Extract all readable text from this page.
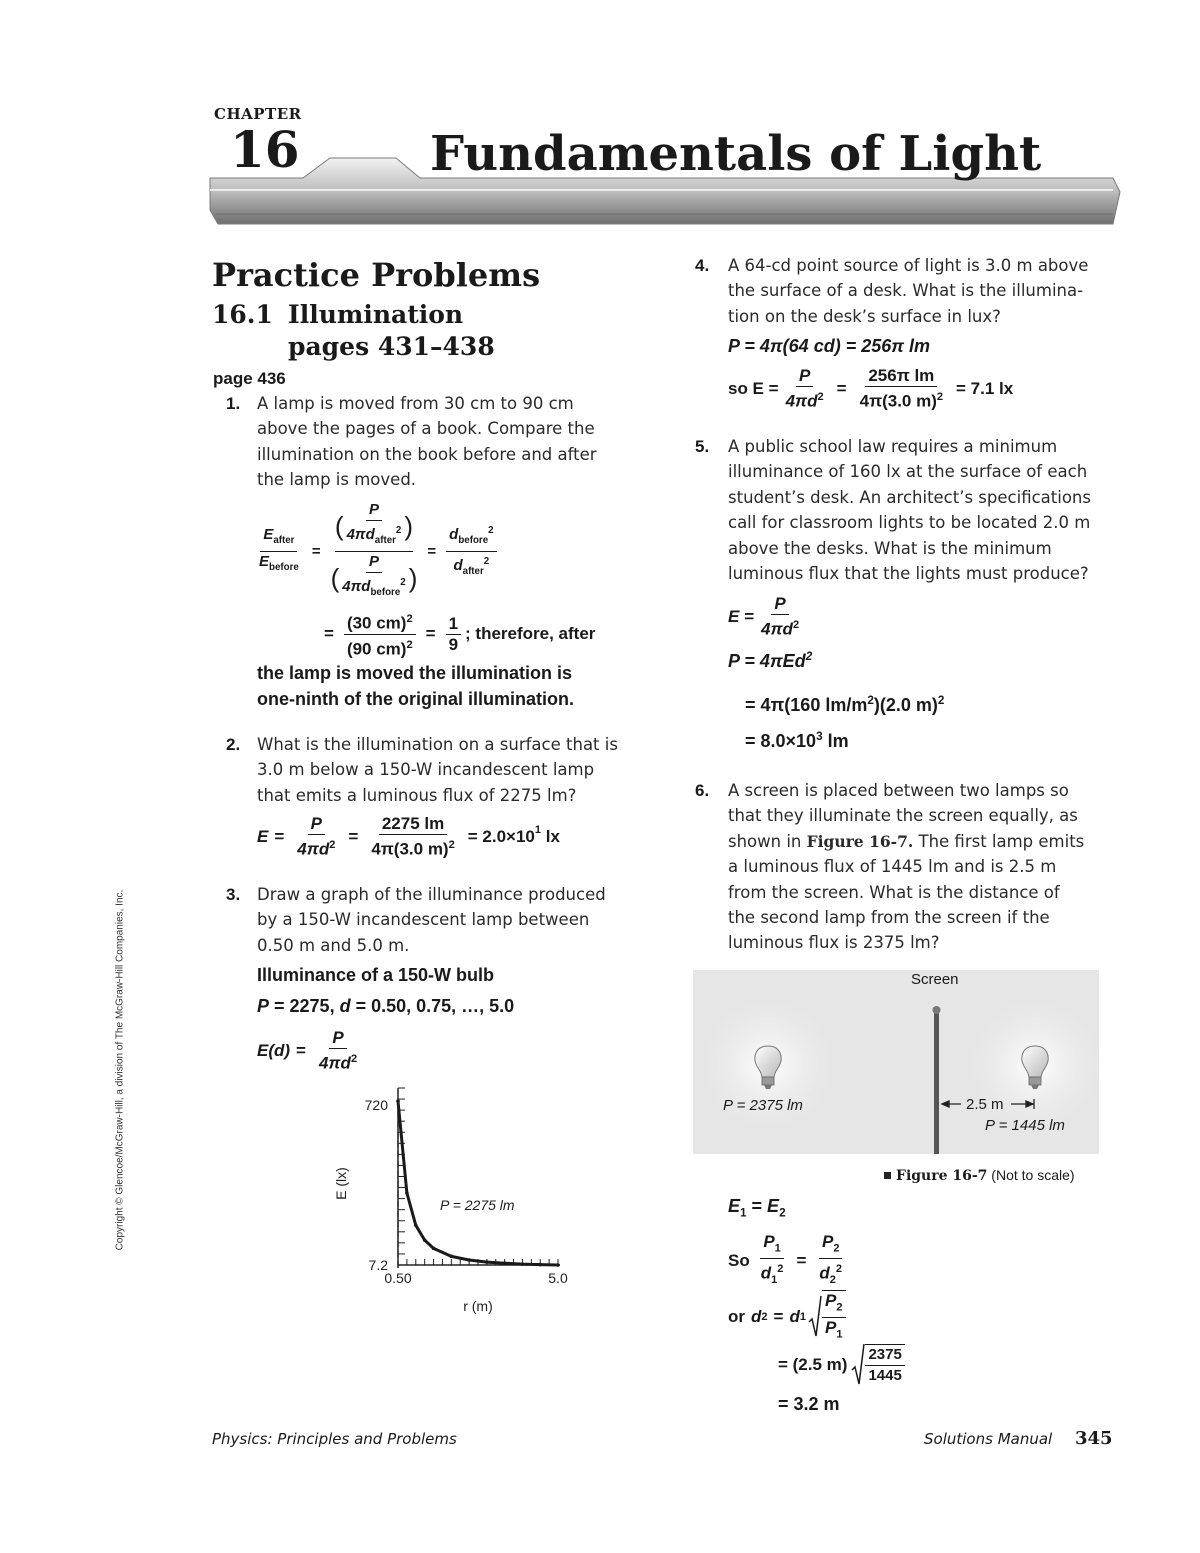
CHAPTER
16	Fundamentals of Light
Copyright © Glencoe/McGraw-Hill, a division of The McGraw-Hill Companies, Inc.
Practice Problems
16.1 Illumination
pages 431–438
page 436
1. A lamp is moved from 30 cm to 90 cm
above the pages of a book. Compare the
illumination on the book before and after
the lamp is moved.
$\frac{E_{after}}{E_{before}} = \frac{( \frac{P}{4\pi d_{after}^2} )}{( \frac{P}{4\pi d_{before}^2} )} = \frac{d_{before}^2}{d_{after}^2}$
= $\frac{(30 cm)^2}{(90 cm)^2} = \frac{1}{9}$ ; therefore, after
the lamp is moved the illumination is
one-ninth of the original illumination.
2. What is the illumination on a surface that is
3.0 m below a 150-W incandescent lamp
that emits a luminous flux of 2275 lm?
$E = \frac{P}{4\pi d^2} = \frac{2275 lm}{4\pi(3.0 m)^2} = 2.0\times 10^1$ lx
3. Draw a graph of the illuminance produced
by a 150-W incandescent lamp between
0.50 m and 5.0 m.
Illuminance of a 150-W bulb
P = 2275, d = 0.50, 0.75, …, 5.0
$E(d) = \frac{P}{4\pi d^2}$
720
7.2
0.50	5.0
r (m)
E (lx)
P = 2275 lm
4. A 64-cd point source of light is 3.0 m above
the surface of a desk. What is the illumina-
tion on the desk’s surface in lux?
P = 4π(64 cd) = 256π lm
so $E = \frac{P}{4\pi d^2} = \frac{\text{256π lm}}{4\pi(3.0 m)^2} = 7.1$ lx
5. A public school law requires a minimum
illuminance of 160 lx at the surface of each
student’s desk. An architect’s specifications
call for classroom lights to be located 2.0 m
above the desks. What is the minimum
luminous flux that the lights must produce?
$E = \frac{P}{4\pi d^2}$
P = 4πEd$^2$
= 4π(160 $lm/m^2)(2.0$ m)$^2$
= $8.0\times 10^3$ lm
6. A screen is placed between two lamps so
that they illuminate the screen equally, as
shown in Figure 16-7. The first lamp emits
a luminous flux of 1445 lm and is 2.5 m
from the screen. What is the distance of
the second lamp from the screen if the
luminous flux is 2375 lm?
Screen
P = 2375 lm	2.5 m
P = 1445 lm
Figure 16-7 (Not to scale)
$E_1 = E_2$
So $\frac{P_1}{d_1^2} = \frac{P_2}{d_2^2}$
or d 2 = d $1 \frac{P_2}{P_1}$
= (2.5 $m) \frac{2375}{1445}$
= 3.2 m
Physics: Principles and Problems	Solutions Manual 345
